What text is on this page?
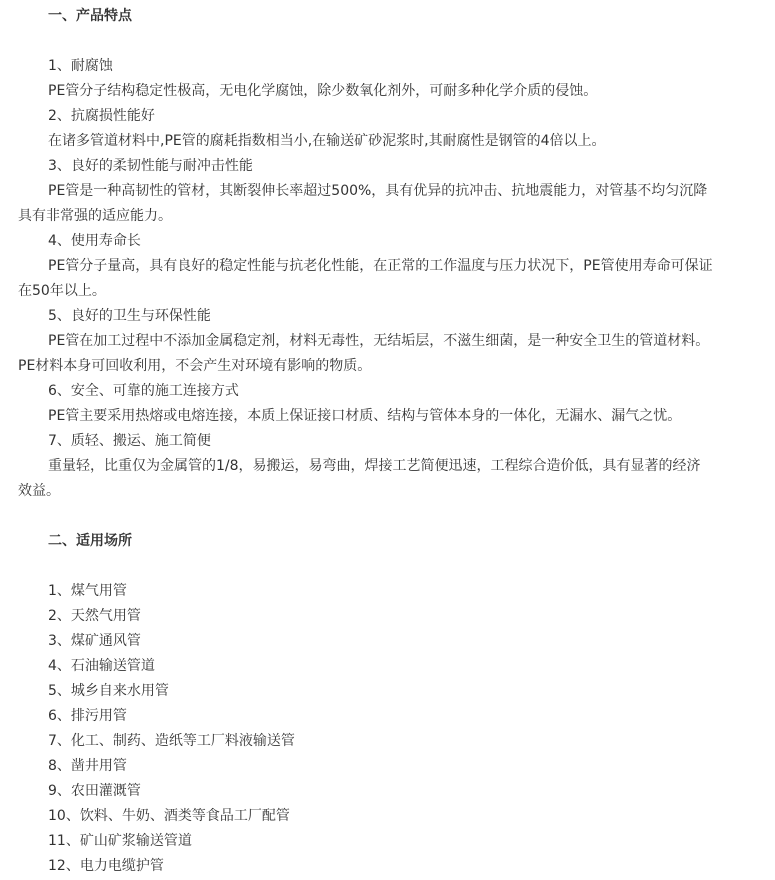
一、产品特点
1、耐腐蚀
PE管分子结构稳定性极高，无电化学腐蚀，除少数氧化剂外，可耐多种化学介质的侵蚀。
2、抗腐损性能好
在诸多管道材料中,PE管的腐耗指数相当小,在输送矿砂泥浆时,其耐腐性是钢管的4倍以上。
3、良好的柔韧性能与耐冲击性能
PE管是一种高韧性的管材，其断裂伸长率超过500%，具有优异的抗冲击、抗地震能力，对管基不均匀沉降
具有非常强的适应能力。
4、使用寿命长
PE管分子量高，具有良好的稳定性能与抗老化性能，在正常的工作温度与压力状况下，PE管使用寿命可保证
在50年以上。
5、良好的卫生与环保性能
PE管在加工过程中不添加金属稳定剂，材料无毒性，无结垢层，不滋生细菌，是一种安全卫生的管道材料。
PE材料本身可回收利用，不会产生对环境有影响的物质。
6、安全、可靠的施工连接方式
PE管主要采用热熔或电熔连接，本质上保证接口材质、结构与管体本身的一体化，无漏水、漏气之忧。
7、质轻、搬运、施工简便
重量轻，比重仅为金属管的1/8，易搬运，易弯曲，焊接工艺简便迅速，工程综合造价低，具有显著的经济
效益。
二、适用场所
1、煤气用管
2、天然气用管
3、煤矿通风管
4、石油输送管道
5、城乡自来水用管
6、排污用管
7、化工、制药、造纸等工厂料液输送管
8、凿井用管
9、农田灌溉管
10、饮料、牛奶、酒类等食品工厂配管
11、矿山矿浆输送管道
12、电力电缆护管
